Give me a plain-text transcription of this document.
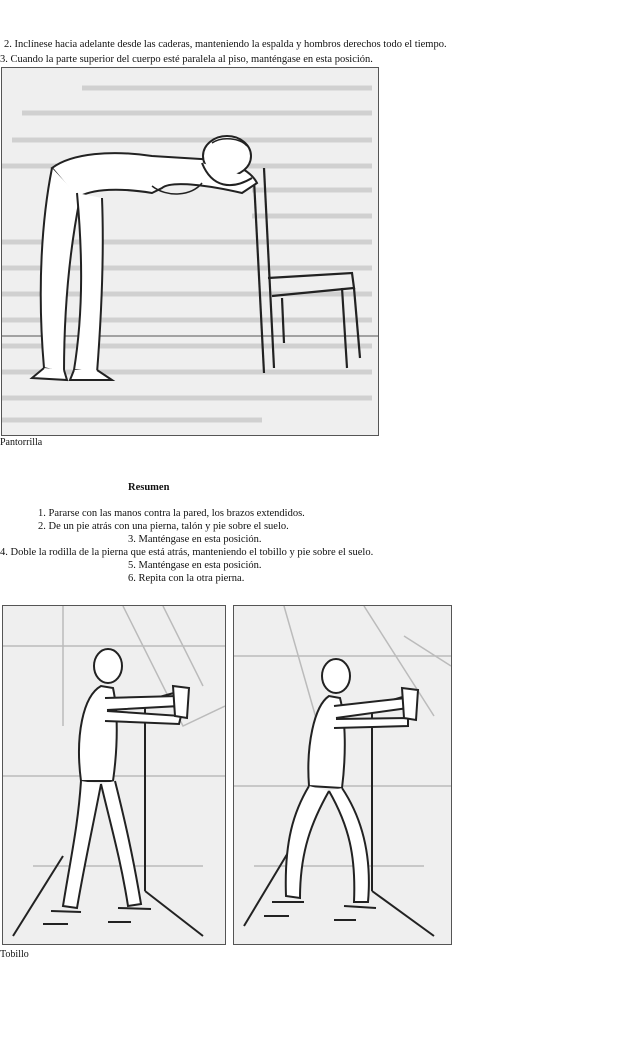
2. Inclínese hacia adelante desde las caderas, manteniendo la espalda y hombros derechos todo el tiempo.
3. Cuando la parte superior del cuerpo esté paralela al piso, manténgase en esta posición.
Pantorrilla
Resumen
1. Pararse con las manos contra la pared, los brazos extendidos.
2. De un pie atrás con una pierna, talón y pie sobre el suelo.
3. Manténgase en esta posición.
4. Doble la rodilla de la pierna que está atrás, manteniendo el tobillo y pie sobre el suelo.
5. Manténgase en esta posición.
6. Repita con la otra pierna.
Tobillo
